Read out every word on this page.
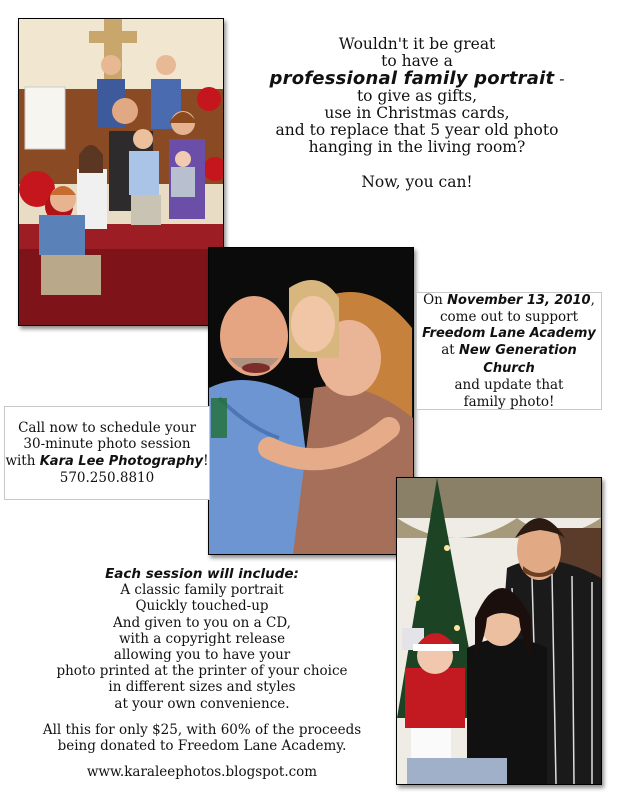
Wouldn't it be great
to have a
professional family portrait -
to give as gifts,
use in Christmas cards,
and to replace that 5 year old photo
hanging in the living room?
Now, you can!
On November 13, 2010,
come out to support
Freedom Lane Academy
at New Generation Church
and update that
family photo!
Call now to schedule your
30-minute photo session
with Kara Lee Photography!
570.250.8810
Each session will include:
A classic family portrait
Quickly touched-up
And given to you on a CD,
with a copyright release
allowing you to have your
photo printed at the printer of your choice
in different sizes and styles
at your own convenience.
All this for only $25, with 60% of the proceeds
being donated to Freedom Lane Academy.
www.karaleephotos.blogspot.com
